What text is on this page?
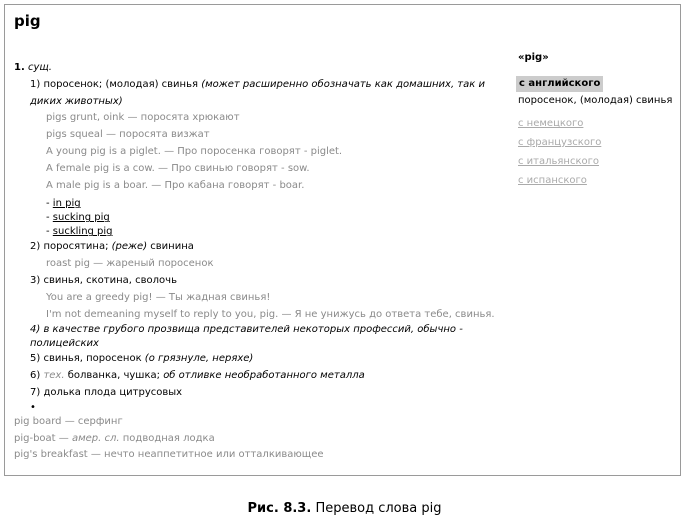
pig
1. сущ.
1) поросенок; (молодая) свинья (может расширенно обозначать как домашних, так и диких животных)
pigs grunt, oink — поросята хрюкают
pigs squeal — поросята визжат
A young pig is a piglet. — Про поросенка говорят - piglet.
A female pig is a cow. — Про свинью говорят - sow.
A male pig is a boar. — Про кабана говорят - boar.
- in pig
- sucking pig
- suckling pig
2) поросятина; (реже) свинина
roast pig — жареный поросенок
3) свинья, скотина, сволочь
You are a greedy pig! — Ты жадная свинья!
I'm not demeaning myself to reply to you, pig. — Я не унижусь до ответа тебе, свинья.
4) в качестве грубого прозвища представителей некоторых профессий, обычно - полицейских
5) свинья, поросенок (о грязнуле, неряхе)
6) тех. болванка, чушка; об отливке необработанного металла
7) долька плода цитрусовых
•
pig board — серфинг
pig-boat — амер. сл. подводная лодка
pig's breakfast — нечто неаппетитное или отталкивающее
«pig»
с английского
поросенок, (молодая) свинья
с немецкого
с французского
с итальянского
с испанского
Рис. 8.3. Перевод слова pig
